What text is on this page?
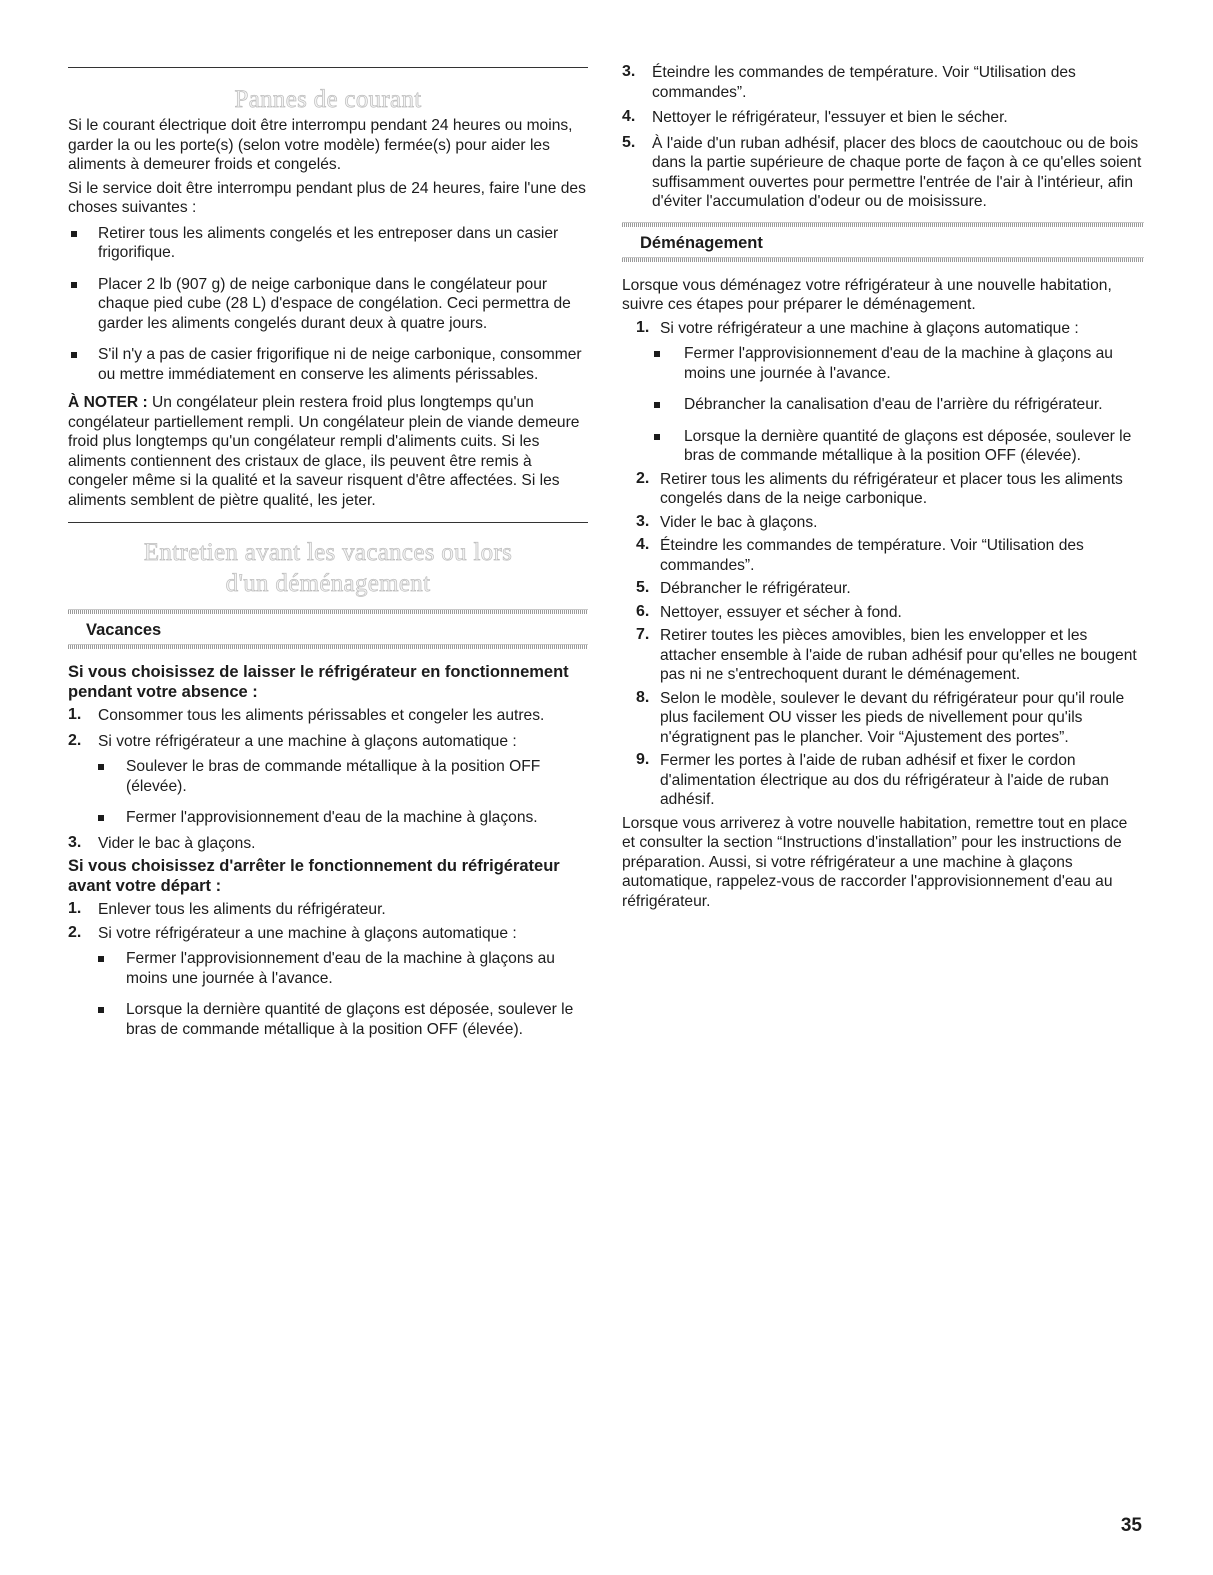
Pannes de courant

Si le courant électrique doit être interrompu pendant 24 heures ou moins, garder la ou les porte(s) (selon votre modèle) fermée(s) pour aider les aliments à demeurer froids et congelés.

Si le service doit être interrompu pendant plus de 24 heures, faire l'une des choses suivantes :

Retirer tous les aliments congelés et les entreposer dans un casier frigorifique.

Placer 2 lb (907 g) de neige carbonique dans le congélateur pour chaque pied cube (28 L) d'espace de congélation. Ceci permettra de garder les aliments congelés durant deux à quatre jours.

S'il n'y a pas de casier frigorifique ni de neige carbonique, consommer ou mettre immédiatement en conserve les aliments périssables.

À NOTER : Un congélateur plein restera froid plus longtemps qu'un congélateur partiellement rempli. Un congélateur plein de viande demeure froid plus longtemps qu'un congélateur rempli d'aliments cuits. Si les aliments contiennent des cristaux de glace, ils peuvent être remis à congeler même si la qualité et la saveur risquent d'être affectées. Si les aliments semblent de piètre qualité, les jeter.

Entretien avant les vacances ou lors
d'un déménagement
Vacances

Si vous choisissez de laisser le réfrigérateur en fonctionnement pendant votre absence :

1. Consommer tous les aliments périssables et congeler les autres.

2. Si votre réfrigérateur a une machine à glaçons automatique :

Soulever le bras de commande métallique à la position OFF (élevée).

Fermer l'approvisionnement d'eau de la machine à glaçons.

3. Vider le bac à glaçons.

Si vous choisissez d'arrêter le fonctionnement du réfrigérateur avant votre départ :

1. Enlever tous les aliments du réfrigérateur.

2. Si votre réfrigérateur a une machine à glaçons automatique :

Fermer l'approvisionnement d'eau de la machine à glaçons au moins une journée à l'avance.

Lorsque la dernière quantité de glaçons est déposée, soulever le bras de commande métallique à la position OFF (élevée).

3. Éteindre les commandes de température. Voir “Utilisation des commandes”.

4. Nettoyer le réfrigérateur, l'essuyer et bien le sécher.

5. À l'aide d'un ruban adhésif, placer des blocs de caoutchouc ou de bois dans la partie supérieure de chaque porte de façon à ce qu'elles soient suffisamment ouvertes pour permettre l'entrée de l'air à l'intérieur, afin d'éviter l'accumulation d'odeur ou de moisissure.

Déménagement

Lorsque vous déménagez votre réfrigérateur à une nouvelle habitation, suivre ces étapes pour préparer le déménagement.

1. Si votre réfrigérateur a une machine à glaçons automatique :

Fermer l'approvisionnement d'eau de la machine à glaçons au moins une journée à l'avance.

Débrancher la canalisation d'eau de l'arrière du réfrigérateur.

Lorsque la dernière quantité de glaçons est déposée, soulever le bras de commande métallique à la position OFF (élevée).

2. Retirer tous les aliments du réfrigérateur et placer tous les aliments congelés dans de la neige carbonique.

3. Vider le bac à glaçons.

4. Éteindre les commandes de température. Voir “Utilisation des commandes”.

5. Débrancher le réfrigérateur.

6. Nettoyer, essuyer et sécher à fond.

7. Retirer toutes les pièces amovibles, bien les envelopper et les attacher ensemble à l'aide de ruban adhésif pour qu'elles ne bougent pas ni ne s'entrechoquent durant le déménagement.

8. Selon le modèle, soulever le devant du réfrigérateur pour qu'il roule plus facilement OU visser les pieds de nivellement pour qu'ils n'égratignent pas le plancher. Voir “Ajustement des portes”.

9. Fermer les portes à l'aide de ruban adhésif et fixer le cordon d'alimentation électrique au dos du réfrigérateur à l'aide de ruban adhésif.

Lorsque vous arriverez à votre nouvelle habitation, remettre tout en place et consulter la section “Instructions d'installation” pour les instructions de préparation. Aussi, si votre réfrigérateur a une machine à glaçons automatique, rappelez-vous de raccorder l'approvisionnement d'eau au réfrigérateur.

35
